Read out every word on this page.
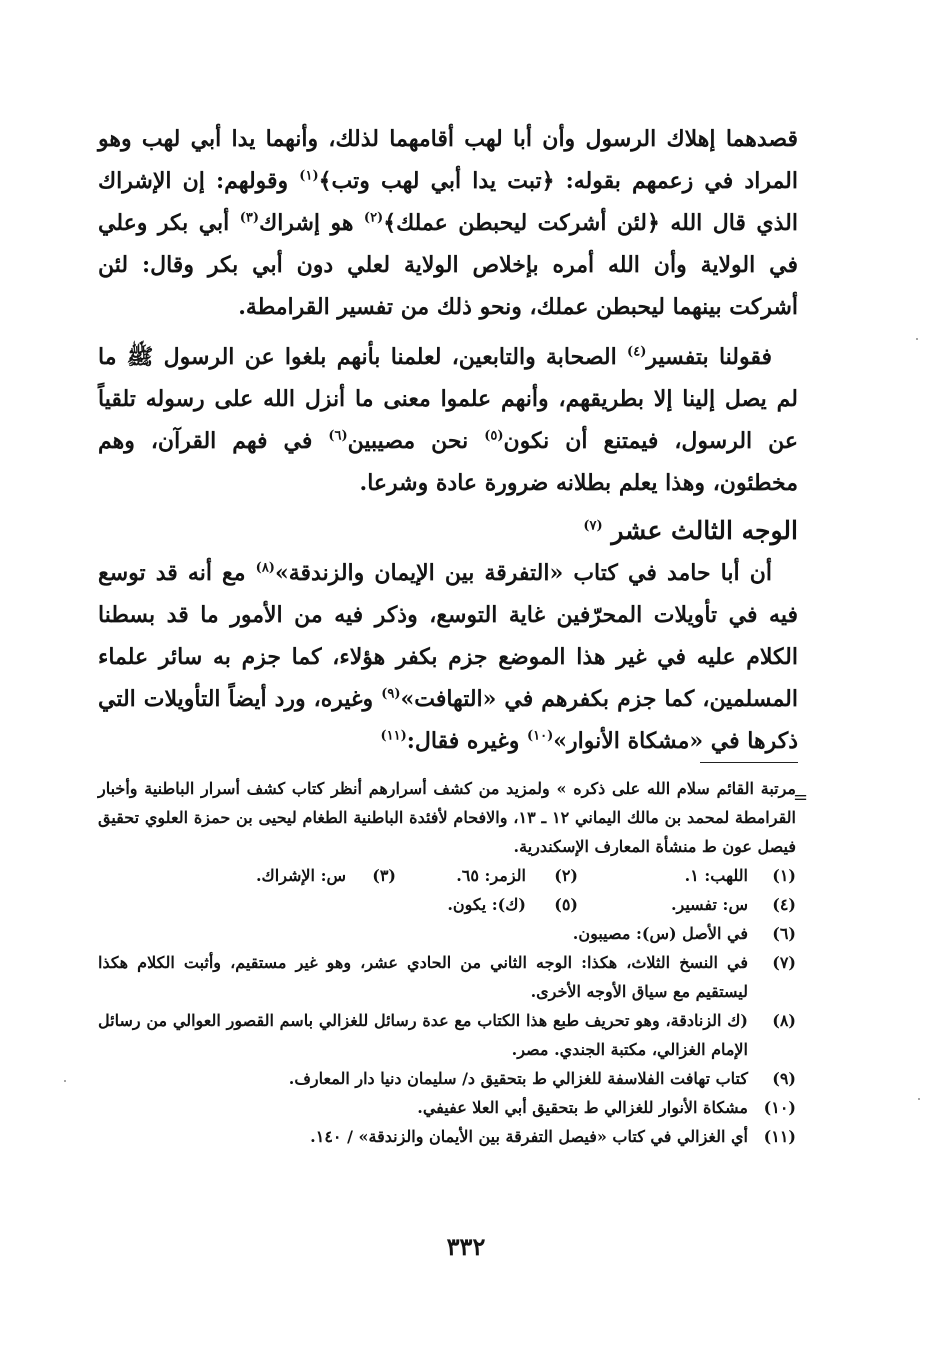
قصدهما إهلاك الرسول وأن أبا لهب أقامهما لذلك، وأنهما يدا أبي لهب وهو المراد في زعمهم بقوله: ﴿تبت يدا أبي لهب وتب﴾$^{(١)}$ وقولهم: إن الإشراك الذي قال الله ﴿لئن أشركت ليحبطن عملك﴾$^{(٢)}$ هو إشراك$^{(٣)}$ أبي بكر وعلي في الولاية وأن الله أمره بإخلاص الولاية لعلي دون أبي بكر وقال: لئن أشركت بينهما ليحبطن عملك، ونحو ذلك من تفسير القرامطة.

فقولنا بتفسير$^{(٤)}$ الصحابة والتابعين، لعلمنا بأنهم بلغوا عن الرسول ﷺ ما لم يصل إلينا إلا بطريقهم، وأنهم علموا معنى ما أنزل الله على رسوله تلقياً عن الرسول، فيمتنع أن نكون$^{(٥)}$ نحن مصيبين$^{(٦)}$ في فهم القرآن، وهم مخطئون، وهذا يعلم بطلانه ضرورة عادة وشرعا.

الوجه الثالث عشر $^{(٧)}$

أن أبا حامد في كتاب «التفرقة بين الإيمان والزندقة»$^{(٨)}$ مع أنه قد توسع فيه في تأويلات المحرّفين غاية التوسع، وذكر فيه من الأمور ما قد بسطنا الكلام عليه في غير هذا الموضع جزم بكفر هؤلاء، كما جزم به سائر علماء المسلمين، كما جزم بكفرهم في «التهافت»$^{(٩)}$ وغيره، ورد أيضاً التأويلات التي ذكرها في «مشكاة الأنوار»$^{(١٠)}$ وغيره فقال:$^{(١١)}$

=

مرتبة القائم سلام الله على ذكره » ولمزيد من كشف أسرارهم أنظر كتاب كشف أسرار الباطنية وأخبار القرامطة لمحمد بن مالك اليماني ١٢ ـ ١٣، والافحام لأفئدة الباطنية الطغام ليحيى بن حمزة العلوي تحقيق فيصل عون ط منشأة المعارف الإسكندرية.

(١)
اللهب: ١.
(٢)
الزمر: ٦٥.
(٣)
س: الإشراك.
(٤)
س: تفسير.
(٥)
(ك): يكون.
(٦)
في الأصل (س): مصيبون.
(٧)
في النسخ الثلاث، هكذا: الوجه الثاني من الحادي عشر، وهو غير مستقيم، وأثبت الكلام هكذا ليستقيم مع سياق الأوجه الأخرى.
(٨)
(ك الزنادقة، وهو تحريف طبع هذا الكتاب مع عدة رسائل للغزالي باسم القصور العوالي من رسائل الإمام الغزالي، مكتبة الجندي. مصر.
(٩)
كتاب تهافت الفلاسفة للغزالي ط بتحقيق د/ سليمان دنيا دار المعارف.
(١٠)
مشكاة الأنوار للغزالي ط بتحقيق أبي العلا عفيفي.
(١١)
أي الغزالي في كتاب «فيصل التفرقة بين الأيمان والزندقة» / ١٤٠.
٣٣٢
